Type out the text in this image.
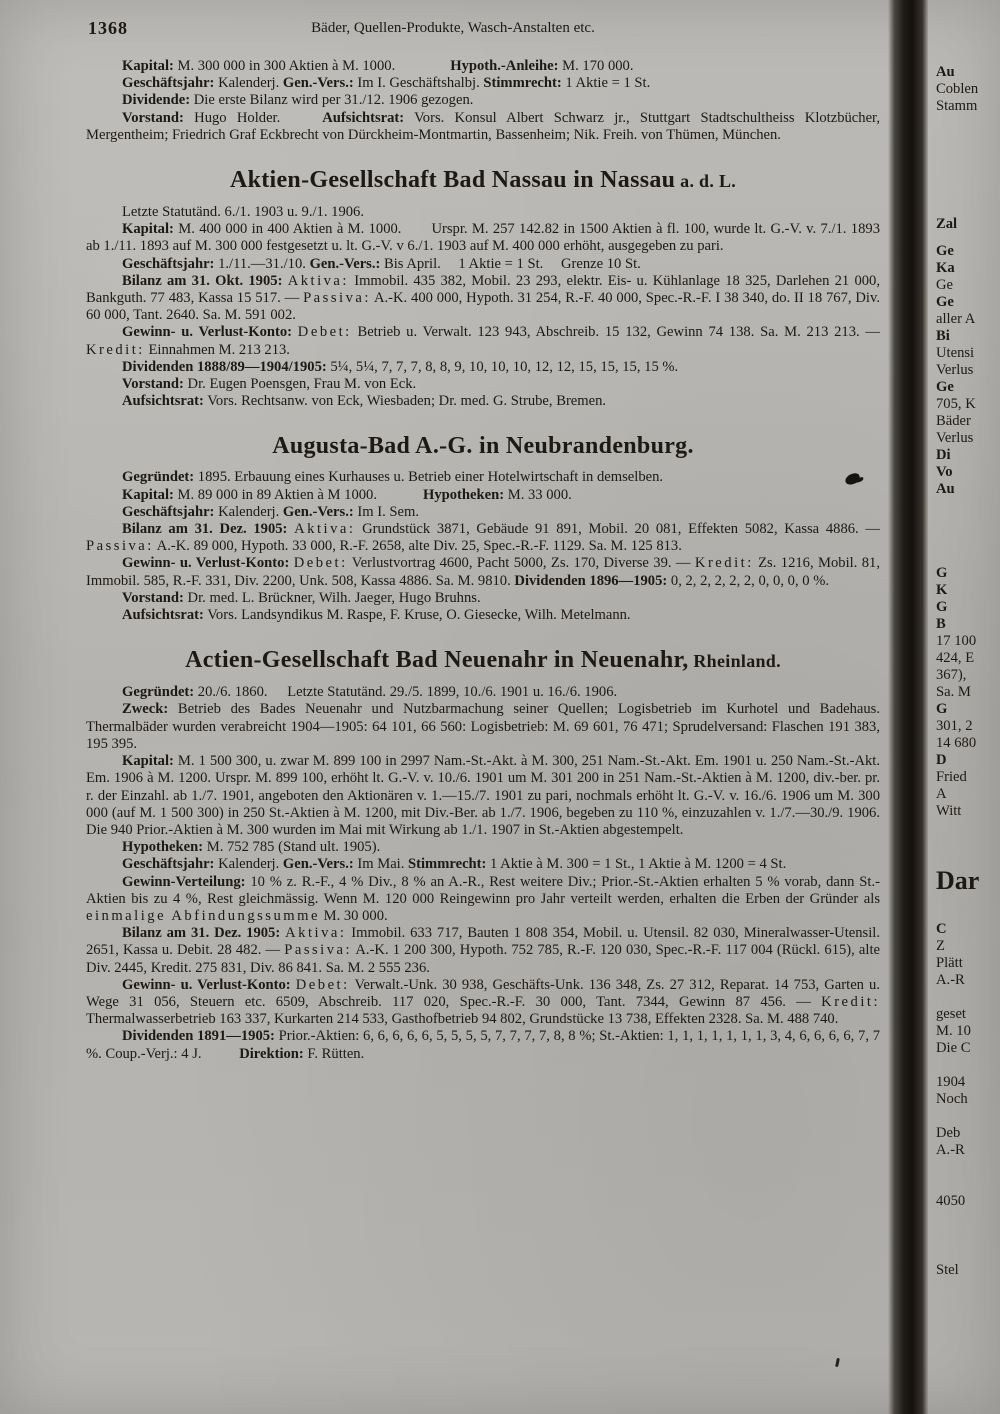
1368	Bäder, Quellen-Produkte, Wasch-Anstalten etc.

Kapital: M. 300 000 in 300 Aktien à M. 1000.	Hypoth.-Anleihe: M. 170 000.

Geschäftsjahr: Kalenderj. Gen.-Vers.: Im I. Geschäftshalbj. Stimmrecht: 1 Aktie = 1 St.

Dividende: Die erste Bilanz wird per 31./12. 1906 gezogen.

Vorstand: Hugo Holder.	Aufsichtsrat: Vors. Konsul Albert Schwarz jr., Stuttgart Stadtschultheiss Klotzbücher, Mergentheim; Friedrich Graf Eckbrecht von Dürckheim-Montmartin, Bassenheim; Nik. Freih. von Thümen, München.

Aktien-Gesellschaft Bad Nassau in Nassau a. d. L.

Letzte Statutänd. 6./1. 1903 u. 9./1. 1906.

Kapital: M. 400 000 in 400 Aktien à M. 1000. Urspr. M. 257 142.82 in 1500 Aktien à fl. 100, wurde lt. G.-V. v. 7./1. 1893 ab 1./11. 1893 auf M. 300 000 festgesetzt u. lt. G.-V. v 6./1. 1903 auf M. 400 000 erhöht, ausgegeben zu pari.

Geschäftsjahr: 1./11.—31./10. Gen.-Vers.: Bis April. 1 Aktie = 1 St. Grenze 10 St.

Bilanz am 31. Okt. 1905: Aktiva: Immobil. 435 382, Mobil. 23 293, elektr. Eis- u. Kühlanlage 18 325, Darlehen 21 000, Bankguth. 77 483, Kassa 15 517. — Passiva: A.-K. 400 000, Hypoth. 31 254, R.-F. 40 000, Spec.-R.-F. I 38 340, do. II 18 767, Div. 60 000, Tant. 2640. Sa. M. 591 002.

Gewinn- u. Verlust-Konto: Debet: Betrieb u. Verwalt. 123 943, Abschreib. 15 132, Gewinn 74 138. Sa. M. 213 213. — Kredit: Einnahmen M. 213 213.

Dividenden 1888/89—1904/1905: 5¼, 5¼, 7, 7, 7, 8, 8, 9, 10, 10, 10, 12, 12, 15, 15, 15, 15 %.

Vorstand: Dr. Eugen Poensgen, Frau M. von Eck.

Aufsichtsrat: Vors. Rechtsanw. von Eck, Wiesbaden; Dr. med. G. Strube, Bremen.

Augusta-Bad A.-G. in Neubrandenburg.

Gegründet: 1895. Erbauung eines Kurhauses u. Betrieb einer Hotelwirtschaft in demselben.

Kapital: M. 89 000 in 89 Aktien à M 1000.	Hypotheken: M. 33 000.

Geschäftsjahr: Kalenderj. Gen.-Vers.: Im I. Sem.

Bilanz am 31. Dez. 1905: Aktiva: Grundstück 3871, Gebäude 91 891, Mobil. 20 081, Effekten 5082, Kassa 4886. — Passiva: A.-K. 89 000, Hypoth. 33 000, R.-F. 2658, alte Div. 25, Spec.-R.-F. 1129. Sa. M. 125 813.

Gewinn- u. Verlust-Konto: Debet: Verlustvortrag 4600, Pacht 5000, Zs. 170, Diverse 39. — Kredit: Zs. 1216, Mobil. 81, Immobil. 585, R.-F. 331, Div. 2200, Unk. 508, Kassa 4886. Sa. M. 9810. Dividenden 1896—1905: 0, 2, 2, 2, 2, 2, 0, 0, 0, 0 %.

Vorstand: Dr. med. L. Brückner, Wilh. Jaeger, Hugo Bruhns.

Aufsichtsrat: Vors. Landsyndikus M. Raspe, F. Kruse, O. Giesecke, Wilh. Metelmann.

Actien-Gesellschaft Bad Neuenahr in Neuenahr, Rheinland.

Gegründet: 20./6. 1860. Letzte Statutänd. 29./5. 1899, 10./6. 1901 u. 16./6. 1906.

Zweck: Betrieb des Bades Neuenahr und Nutzbarmachung seiner Quellen; Logisbetrieb im Kurhotel und Badehaus. Thermalbäder wurden verabreicht 1904—1905: 64 101, 66 560: Logisbetrieb: M. 69 601, 76 471; Sprudelversand: Flaschen 191 383, 195 395.

Kapital: M. 1 500 300, u. zwar M. 899 100 in 2997 Nam.-St.-Akt. à M. 300, 251 Nam.-St.-Akt. Em. 1901 u. 250 Nam.-St.-Akt. Em. 1906 à M. 1200. Urspr. M. 899 100, erhöht lt. G.-V. v. 10./6. 1901 um M. 301 200 in 251 Nam.-St.-Aktien à M. 1200, div.-ber. pr. r. der Einzahl. ab 1./7. 1901, angeboten den Aktionären v. 1.—15./7. 1901 zu pari, nochmals erhöht lt. G.-V. v. 16./6. 1906 um M. 300 000 (auf M. 1 500 300) in 250 St.-Aktien à M. 1200, mit Div.-Ber. ab 1./7. 1906, begeben zu 110 %, einzuzahlen v. 1./7.—30./9. 1906. Die 940 Prior.-Aktien à M. 300 wurden im Mai mit Wirkung ab 1./1. 1907 in St.-Aktien abgestempelt.

Hypotheken: M. 752 785 (Stand ult. 1905).

Geschäftsjahr: Kalenderj. Gen.-Vers.: Im Mai. Stimmrecht: 1 Aktie à M. 300 = 1 St., 1 Aktie à M. 1200 = 4 St.

Gewinn-Verteilung: 10 % z. R.-F., 4 % Div., 8 % an A.-R., Rest weitere Div.; Prior.-St.-Aktien erhalten 5 % vorab, dann St.-Aktien bis zu 4 %, Rest gleichmässig. Wenn M. 120 000 Reingewinn pro Jahr verteilt werden, erhalten die Erben der Gründer als einmalige Abfindungssumme M. 30 000.

Bilanz am 31. Dez. 1905: Aktiva: Immobil. 633 717, Bauten 1 808 354, Mobil. u. Utensil. 82 030, Mineralwasser-Utensil. 2651, Kassa u. Debit. 28 482. — Passiva: A.-K. 1 200 300, Hypoth. 752 785, R.-F. 120 030, Spec.-R.-F. 117 004 (Rückl. 615), alte Div. 2445, Kredit. 275 831, Div. 86 841. Sa. M. 2 555 236.

Gewinn- u. Verlust-Konto: Debet: Verwalt.-Unk. 30 938, Geschäfts-Unk. 136 348, Zs. 27 312, Reparat. 14 753, Garten u. Wege 31 056, Steuern etc. 6509, Abschreib. 117 020, Spec.-R.-F. 30 000, Tant. 7344, Gewinn 87 456. — Kredit: Thermalwasserbetrieb 163 337, Kurkarten 214 533, Gasthofbetrieb 94 802, Grundstücke 13 738, Effekten 2328. Sa. M. 488 740.

Dividenden 1891—1905: Prior.-Aktien: 6, 6, 6, 6, 6, 5, 5, 5, 5, 7, 7, 7, 7, 8, 8 %; St.-Aktien: 1, 1, 1, 1, 1, 1, 1, 3, 4, 6, 6, 6, 6, 7, 7 %. Coup.-Verj.: 4 J. Direktion: F. Rütten.

Au
Coblen
Stamm
Zal
Ge
Ka
Ge
Ge
aller A
Bi
Utensi
Verlus
Ge
705, K
Bäder
Verlus
Di
Vo
Au
G
K
G
B
17 100
424, E
367),
Sa. M
G
301, 2
14 680
D
Fried
A
Witt
Dar
C
Z
Plätt
A.-R
geset
M. 10
Die C
1904
Noch
Deb
A.-R
4050
Stel
